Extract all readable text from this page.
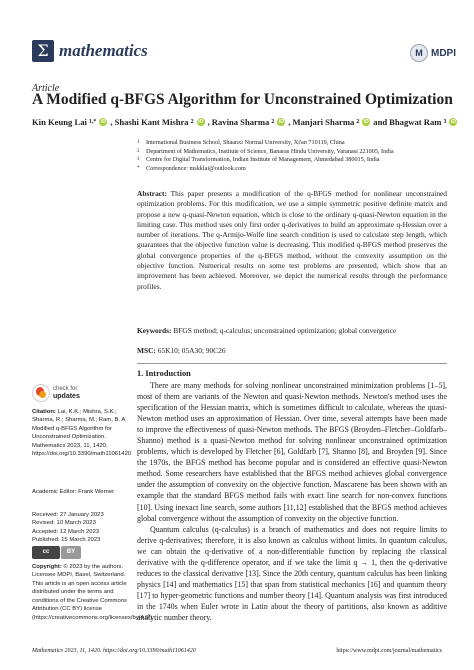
Σ mathematics	M MDPI
Article
A Modified q-BFGS Algorithm for Unconstrained Optimization
Kin Keung Lai 1,* iD , Shashi Kant Mishra 2 iD , Ravina Sharma 2 iD , Manjari Sharma 2 iD and Bhagwat Ram 3 iD
1	International Business School, Shaanxi Normal University, Xi'an 710119, China
2	Department of Mathematics, Institute of Science, Banaras Hindu University, Varanasi 221005, India
3	Centre for Digital Transformation, Indian Institute of Management, Ahmedabad 380015, India
*	Correspondence: mskklai@outlook.com
Abstract: This paper presents a modification of the q-BFGS method for nonlinear unconstrained optimization problems. For this modification, we use a simple symmetric positive definite matrix and propose a new q-quasi-Newton equation, which is close to the ordinary q-quasi-Newton equation in the limiting case. This method uses only first order q-derivatives to build an approximate q-Hessian over a number of iterations. The q-Armijo-Wolfe line search condition is used to calculate step length, which guarantees that the objective function value is decreasing. This modified q-BFGS method preserves the global convergence properties of the q-BFGS method, without the convexity assumption on the objective function. Numerical results on some test problems are presented, which show that an improvement has been achieved. Moreover, we depict the numerical results through the performance profiles.
Keywords: BFGS method; q-calculus; unconstrained optimization; global convergence
MSC: 65K10; 05A30; 90C26
1. Introduction

There are many methods for solving nonlinear unconstrained minimization problems [1–5], most of them are variants of the Newton and quasi-Newton methods. Newton's method uses the specification of the Hessian matrix, which is sometimes difficult to calculate, whereas the quasi-Newton method uses an approximation of Hessian. Over time, several attempts have been made to improve the effectiveness of quasi-Newton methods. The BFGS (Broyden–Fletcher–Goldfarb–Shanno) method is a quasi-Newton method for solving nonlinear unconstrained optimization problems, which is developed by Fletcher [6], Goldfarb [7], Shanno [8], and Broyden [9]. Since the 1970s, the BFGS method has become popular and is considered an effective quasi-Newton method. Some researchers have established that the BFGS method achieves global convergence under the assumption of convexity on the objective function. Mascarene has been shown with an example that the standard BFGS method fails with exact line search for non-convex functions [10]. Using inexact line search, some authors [11,12] established that the BFGS method achieves global convergence without the assumption of convexity on the objective function.

Quantum calculus (q-calculus) is a branch of mathematics and does not require limits to derive q-derivatives; therefore, it is also known as calculus without limits. In quantum calculus, we can obtain the q-derivative of a non-differentiable function by replacing the classical derivative with the q-difference operator, and if we take the limit q → 1, then the q-derivative reduces to the classical derivative [13]. Since the 20th century, quantum calculus has been linking physics [14] and mathematics [15] that span from statistical mechanics [16] and quantum theory [17] to hyper-geometric functions and number theory [14]. Quantum analysis was first introduced in the 1740s when Euler wrote in Latin about the theory of partitions, also known as additive analytic number theory.

check for
updates
Citation: Lai, K.K.; Mishra, S.K.; Sharma, R.; Sharma, M.; Ram, B. A Modified q-BFGS Algorithm for Unconstrained Optimization. Mathematics 2023, 11, 1420. https://doi.org/10.3390/math11061420
Academic Editor: Frank Werner
Received: 27 January 2023
Revised: 10 March 2023
Accepted: 12 March 2023
Published: 15 March 2023
cc	BY
Copyright: © 2023 by the authors. Licensee MDPI, Basel, Switzerland. This article is an open access article distributed under the terms and conditions of the Creative Commons Attribution (CC BY) license (https://creativecommons.org/licenses/by/4.0/).
Mathematics 2023, 11, 1420. https://doi.org/10.3390/math11061420	https://www.mdpi.com/journal/mathematics
